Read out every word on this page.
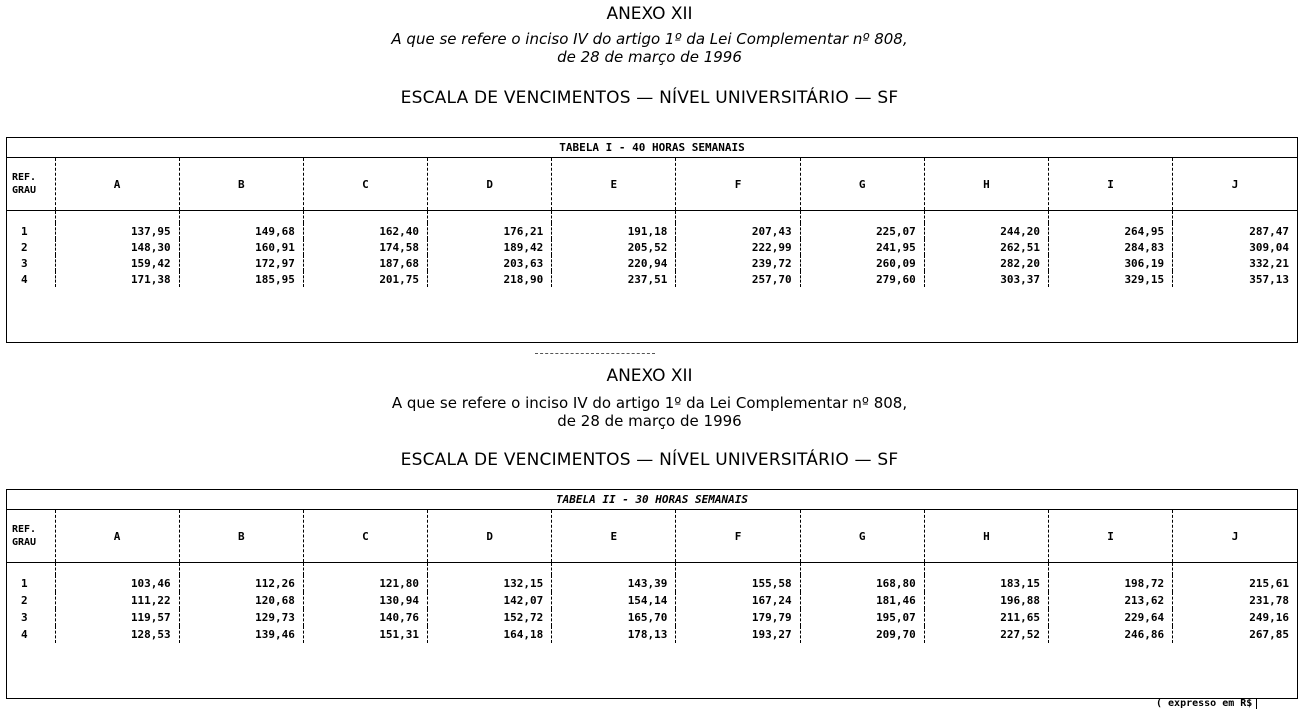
ANEXO XII
A que se refere o inciso IV do artigo 1º da Lei Complementar nº 808,
de 28 de março de 1996
ESCALA DE VENCIMENTOS — NÍVEL UNIVERSITÁRIO — SF
TABELA I - 40 HORAS SEMANAIS
REF.
GRAU	A	B	C	D	E	F	G	H	I	J

1	137,95	149,68	162,40	176,21	191,18	207,43	225,07	244,20	264,95	287,47
2	148,30	160,91	174,58	189,42	205,52	222,99	241,95	262,51	284,83	309,04
3	159,42	172,97	187,68	203,63	220,94	239,72	260,09	282,20	306,19	332,21
4	171,38	185,95	201,75	218,90	237,51	257,70	279,60	303,37	329,15	357,13
ANEXO XII
A que se refere o inciso IV do artigo 1º da Lei Complementar nº 808,
de 28 de março de 1996
ESCALA DE VENCIMENTOS — NÍVEL UNIVERSITÁRIO — SF
TABELA II - 30 HORAS SEMANAIS
REF.
GRAU	A	B	C	D	E	F	G	H	I	J

1	103,46	112,26	121,80	132,15	143,39	155,58	168,80	183,15	198,72	215,61
2	111,22	120,68	130,94	142,07	154,14	167,24	181,46	196,88	213,62	231,78
3	119,57	129,73	140,76	152,72	165,70	179,79	195,07	211,65	229,64	249,16
4	128,53	139,46	151,31	164,18	178,13	193,27	209,70	227,52	246,86	267,85
( expresso em R$
